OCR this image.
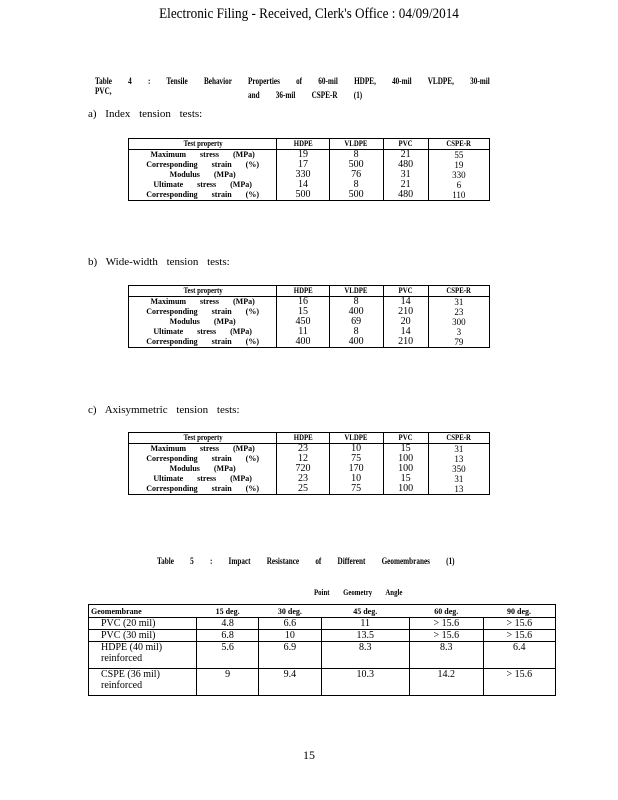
Electronic Filing - Received, Clerk's Office : 04/09/2014
Table 4 : Tensile Behavior Properties of 60-mil HDPE, 40-mil VLDPE, 30-mil PVC,	and 36-mil CSPE-R (1)
a) Index tension tests:
Test property	HDPE	VLDPE	PVC	CSPE-R
Maximum stress (MPa)	19	8	21	55
Corresponding strain (%)	17	500	480	19
Modulus (MPa)	330	76	31	330
Ultimate stress (MPa)	14	8	21	6
Corresponding strain (%)	500	500	480	110
b) Wide-width tension tests:
Test property	HDPE	VLDPE	PVC	CSPE-R
Maximum stress (MPa)	16	8	14	31
Corresponding strain (%)	15	400	210	23
Modulus (MPa)	450	69	20	300
Ultimate stress (MPa)	11	8	14	3
Corresponding strain (%)	400	400	210	79
c) Axisymmetric tension tests:
Test property	HDPE	VLDPE	PVC	CSPE-R
Maximum stress (MPa)	23	10	15	31
Corresponding strain (%)	12	75	100	13
Modulus (MPa)	720	170	100	350
Ultimate stress (MPa)	23	10	15	31
Corresponding strain (%)	25	75	100	13
Table 5 : Impact Resistance of Different Geomembranes (1)
Point Geometry Angle
Geomembrane	15 deg.	30 deg.	45 deg.	60 deg.	90 deg.
PVC (20 mil)	4.8	6.6	11	> 15.6	> 15.6
PVC (30 mil)	6.8	10	13.5	> 15.6	> 15.6
HDPE (40 mil) reinforced	5.6	6.9	8.3	8.3	6.4
CSPE (36 mil) reinforced	9	9.4	10.3	14.2	> 15.6
15
